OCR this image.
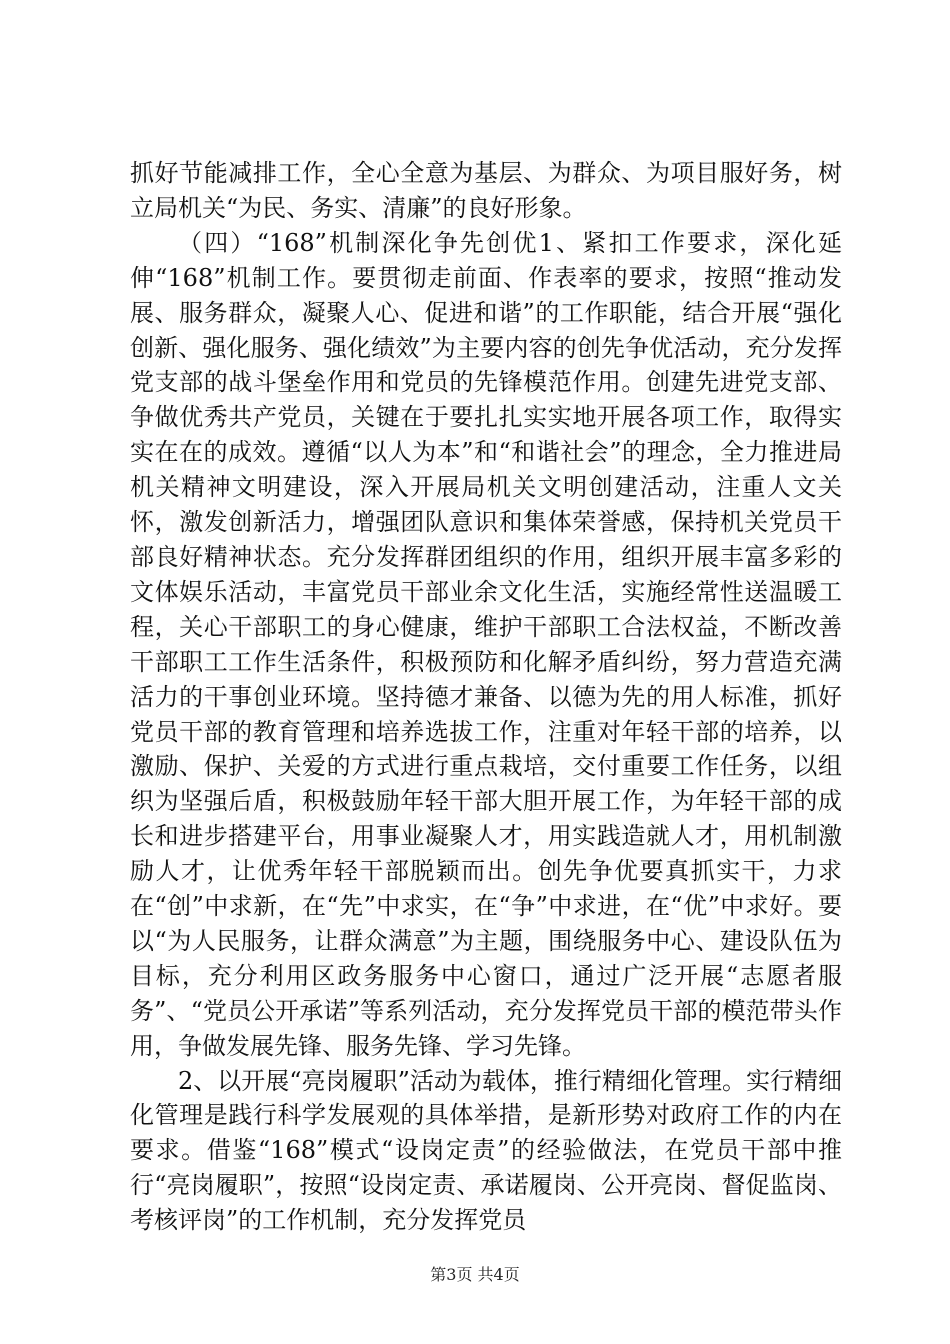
抓好节能减排工作，全心全意为基层、为群众、为项目服好务，树立局机关“为民、务实、清廉”的良好形象。

（四）“168”机制深化争先创优1、紧扣工作要求，深化延伸“168”机制工作。要贯彻走前面、作表率的要求，按照“推动发展、服务群众，凝聚人心、促进和谐”的工作职能，结合开展“强化创新、强化服务、强化绩效”为主要内容的创先争优活动，充分发挥党支部的战斗堡垒作用和党员的先锋模范作用。创建先进党支部、争做优秀共产党员，关键在于要扎扎实实地开展各项工作，取得实实在在的成效。遵循“以人为本”和“和谐社会”的理念，全力推进局机关精神文明建设，深入开展局机关文明创建活动，注重人文关怀，激发创新活力，增强团队意识和集体荣誉感，保持机关党员干部良好精神状态。充分发挥群团组织的作用，组织开展丰富多彩的文体娱乐活动，丰富党员干部业余文化生活，实施经常性送温暖工程，关心干部职工的身心健康，维护干部职工合法权益，不断改善干部职工工作生活条件，积极预防和化解矛盾纠纷，努力营造充满活力的干事创业环境。坚持德才兼备、以德为先的用人标准，抓好党员干部的教育管理和培养选拔工作，注重对年轻干部的培养，以激励、保护、关爱的方式进行重点栽培，交付重要工作任务，以组织为坚强后盾，积极鼓励年轻干部大胆开展工作，为年轻干部的成长和进步搭建平台，用事业凝聚人才，用实践造就人才，用机制激励人才，让优秀年轻干部脱颖而出。创先争优要真抓实干，力求在“创”中求新，在“先”中求实，在“争”中求进，在“优”中求好。要以“为人民服务，让群众满意”为主题，围绕服务中心、建设队伍为目标，充分利用区政务服务中心窗口，通过广泛开展“志愿者服务”、“党员公开承诺”等系列活动，充分发挥党员干部的模范带头作用，争做发展先锋、服务先锋、学习先锋。

2、以开展“亮岗履职”活动为载体，推行精细化管理。实行精细化管理是践行科学发展观的具体举措，是新形势对政府工作的内在要求。借鉴“168”模式“设岗定责”的经验做法，在党员干部中推行“亮岗履职”，按照“设岗定责、承诺履岗、公开亮岗、督促监岗、考核评岗”的工作机制，充分发挥党员

第3页 共4页
